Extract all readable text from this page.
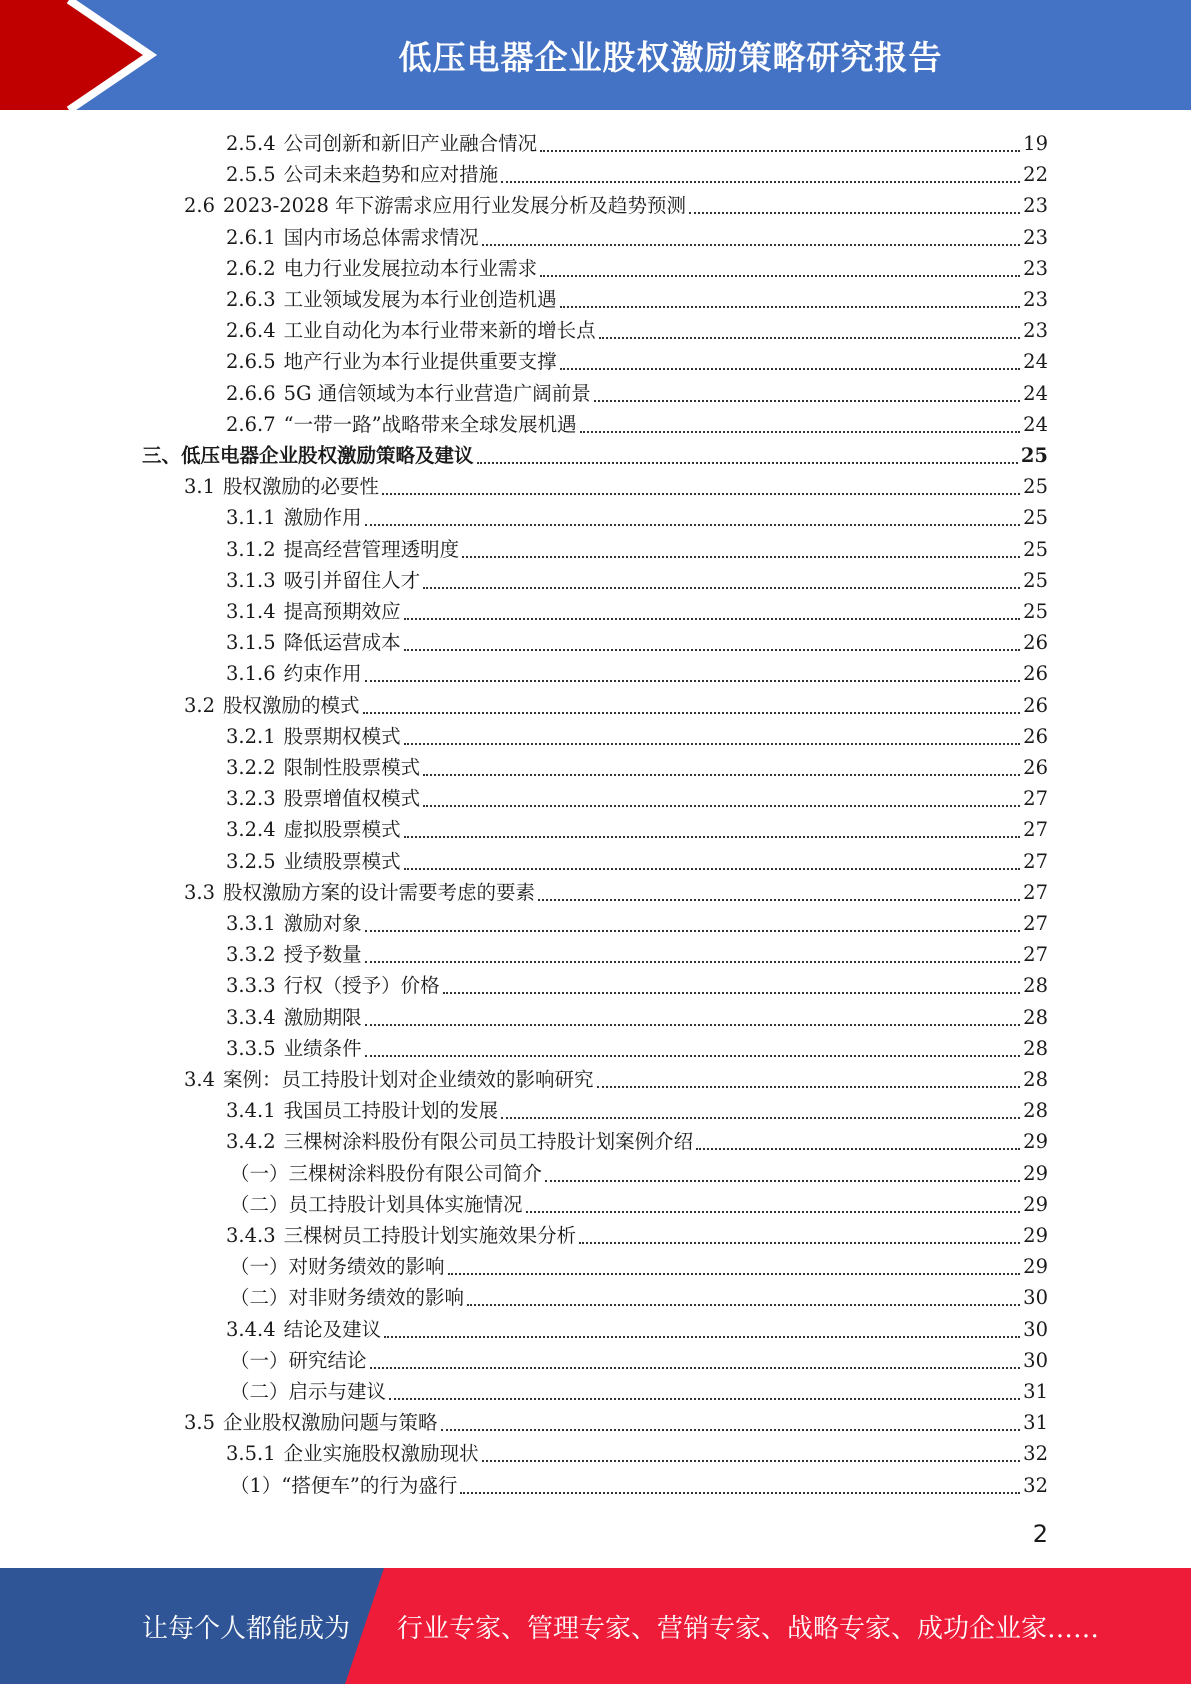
低压电器企业股权激励策略研究报告
2.5.4 公司创新和新旧产业融合情况	19
2.5.5 公司未来趋势和应对措施	22
2.6 2023-2028 年下游需求应用行业发展分析及趋势预测	23
2.6.1 国内市场总体需求情况	23
2.6.2 电力行业发展拉动本行业需求	23
2.6.3 工业领域发展为本行业创造机遇	23
2.6.4 工业自动化为本行业带来新的增长点	23
2.6.5 地产行业为本行业提供重要支撑	24
2.6.6 5G 通信领域为本行业营造广阔前景	24
2.6.7 “一带一路”战略带来全球发展机遇	24
三、 低压电器企业股权激励策略及建议	25
3.1 股权激励的必要性	25
3.1.1 激励作用	25
3.1.2 提高经营管理透明度	25
3.1.3 吸引并留住人才	25
3.1.4 提高预期效应	25
3.1.5 降低运营成本	26
3.1.6 约束作用	26
3.2 股权激励的模式	26
3.2.1 股票期权模式	26
3.2.2 限制性股票模式	26
3.2.3 股票增值权模式	27
3.2.4 虚拟股票模式	27
3.2.5 业绩股票模式	27
3.3 股权激励方案的设计需要考虑的要素	27
3.3.1 激励对象	27
3.3.2 授予数量	27
3.3.3 行权（授予）价格	28
3.3.4 激励期限	28
3.3.5 业绩条件	28
3.4 案例：员工持股计划对企业绩效的影响研究	28
3.4.1 我国员工持股计划的发展	28
3.4.2 三棵树涂料股份有限公司员工持股计划案例介绍	29
（一）三棵树涂料股份有限公司简介	29
（二）员工持股计划具体实施情况	29
3.4.3 三棵树员工持股计划实施效果分析	29
（一）对财务绩效的影响	29
（二）对非财务绩效的影响	30
3.4.4 结论及建议	30
（一）研究结论	30
（二）启示与建议	31
3.5 企业股权激励问题与策略	31
3.5.1 企业实施股权激励现状	32
（1）“搭便车”的行为盛行	32
2
让每个人都能成为 行业专家、管理专家、营销专家、战略专家、成功企业家……
